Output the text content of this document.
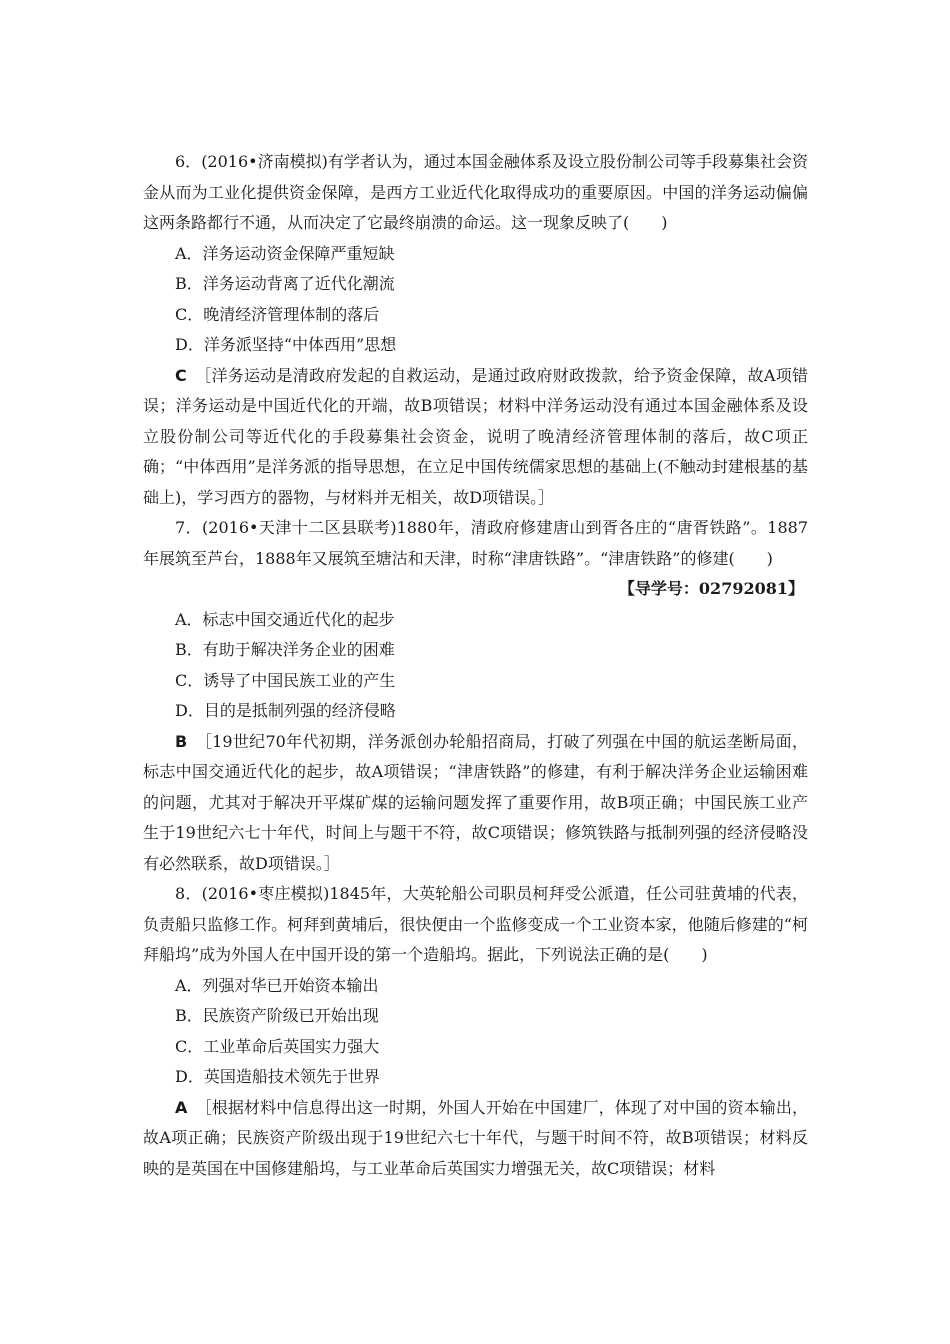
6．(2016•济南模拟)有学者认为，通过本国金融体系及设立股份制公司等手段募集社会资金从而为工业化提供资金保障，是西方工业近代化取得成功的重要原因。中国的洋务运动偏偏这两条路都行不通，从而决定了它最终崩溃的命运。这一现象反映了(　　)

A．洋务运动资金保障严重短缺

B．洋务运动背离了近代化潮流

C．晚清经济管理体制的落后

D．洋务派坚持“中体西用”思想

C　 ［洋务运动是清政府发起的自救运动，是通过政府财政拨款，给予资金保障，故A项错误；洋务运动是中国近代化的开端，故B项错误；材料中洋务运动没有通过本国金融体系及设立股份制公司等近代化的手段募集社会资金，说明了晚清经济管理体制的落后，故C项正确；“中体西用”是洋务派的指导思想，在立足中国传统儒家思想的基础上(不触动封建根基的基础上)，学习西方的器物，与材料并无相关，故D项错误。］

7．(2016•天津十二区县联考)1880年，清政府修建唐山到胥各庄的“唐胥铁路”。1887年展筑至芦台，1888年又展筑至塘沽和天津，时称“津唐铁路”。“津唐铁路”的修建(　　)

【导学号：02792081】

A．标志中国交通近代化的起步

B．有助于解决洋务企业的困难

C．诱导了中国民族工业的产生

D．目的是抵制列强的经济侵略

B　 ［19世纪70年代初期，洋务派创办轮船招商局，打破了列强在中国的航运垄断局面，标志中国交通近代化的起步，故A项错误；“津唐铁路”的修建，有利于解决洋务企业运输困难的问题，尤其对于解决开平煤矿煤的运输问题发挥了重要作用，故B项正确；中国民族工业产生于19世纪六七十年代，时间上与题干不符，故C项错误；修筑铁路与抵制列强的经济侵略没有必然联系，故D项错误。］

8．(2016•枣庄模拟)1845年，大英轮船公司职员柯拜受公派遣，任公司驻黄埔的代表，负责船只监修工作。柯拜到黄埔后，很快便由一个监修变成一个工业资本家，他随后修建的“柯拜船坞”成为外国人在中国开设的第一个造船坞。据此，下列说法正确的是(　　)

A．列强对华已开始资本输出

B．民族资产阶级已开始出现

C．工业革命后英国实力强大

D．英国造船技术领先于世界

A　 ［根据材料中信息得出这一时期，外国人开始在中国建厂，体现了对中国的资本输出，故A项正确；民族资产阶级出现于19世纪六七十年代，与题干时间不符，故B项错误；材料反映的是英国在中国修建船坞，与工业革命后英国实力增强无关，故C项错误；材料
